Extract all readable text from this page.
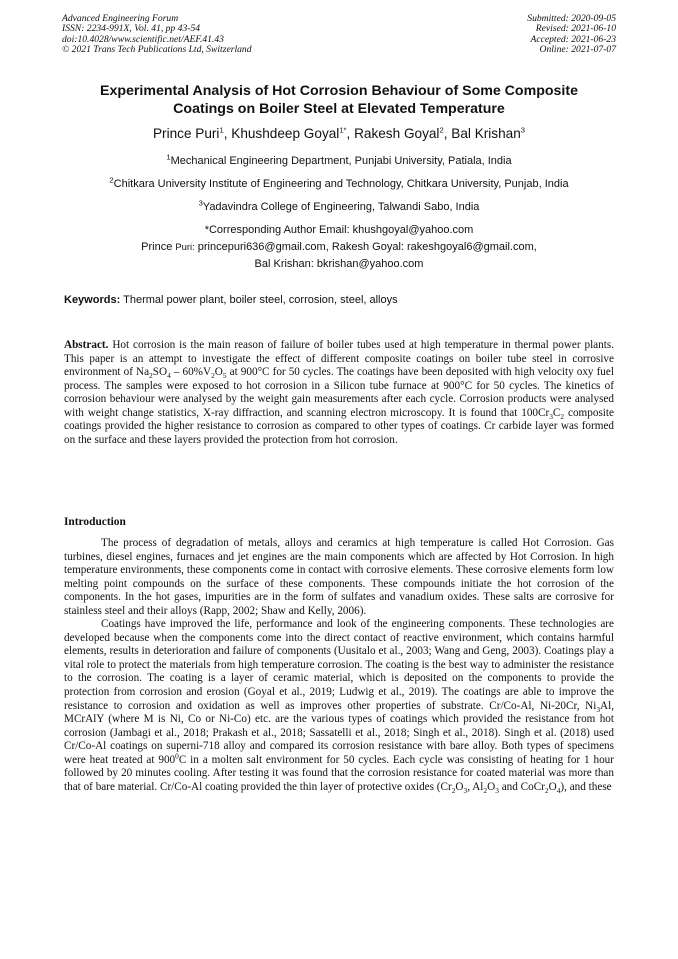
Advanced Engineering Forum
ISSN: 2234-991X, Vol. 41, pp 43-54
doi:10.4028/www.scientific.net/AEF.41.43
© 2021 Trans Tech Publications Ltd, Switzerland
Submitted: 2020-09-05
Revised: 2021-06-10
Accepted: 2021-06-23
Online: 2021-07-07
Experimental Analysis of Hot Corrosion Behaviour of Some Composite
Coatings on Boiler Steel at Elevated Temperature
Prince Puri$^1$, Khushdeep Goyal$^{1*}$, Rakesh Goyal$^2$, Bal Krishan$^3$
$^1$Mechanical Engineering Department, Punjabi University, Patiala, India
$^2$Chitkara University Institute of Engineering and Technology, Chitkara University, Punjab, India
$^3$Yadavindra College of Engineering, Talwandi Sabo, India
*Corresponding Author Email: khushgoyal@yahoo.com
Prince Puri: princepuri636@gmail.com, Rakesh Goyal: rakeshgoyal6@gmail.com,
Bal Krishan: bkrishan@yahoo.com
Keywords: Thermal power plant, boiler steel, corrosion, steel, alloys

Abstract. Hot corrosion is the main reason of failure of boiler tubes used at high temperature in thermal power plants. This paper is an attempt to investigate the effect of different composite coatings on boiler tube steel in corrosive environment of $Na_2SO_4 - 60\%V_2O_5$ at 900°C for 50 cycles. The coatings have been deposited with high velocity oxy fuel process. The samples were exposed to hot corrosion in a Silicon tube furnace at 900°C for 50 cycles. The kinetics of corrosion behaviour were analysed by the weight gain measurements after each cycle. Corrosion products were analysed with weight change statistics, X-ray diffraction, and scanning electron microscopy. It is found that $100Cr_3C_2$ composite coatings provided the higher resistance to corrosion as compared to other types of coatings. Cr carbide layer was formed on the surface and these layers provided the protection from hot corrosion.

Introduction

The process of degradation of metals, alloys and ceramics at high temperature is called Hot Corrosion. Gas turbines, diesel engines, furnaces and jet engines are the main components which are affected by Hot Corrosion. In high temperature environments, these components come in contact with corrosive elements. These corrosive elements form low melting point compounds on the surface of these components. These compounds initiate the hot corrosion of the components. In the hot gases, impurities are in the form of sulfates and vanadium oxides. These salts are corrosive for stainless steel and their alloys (Rapp, 2002; Shaw and Kelly, 2006).

Coatings have improved the life, performance and look of the engineering components. These technologies are developed because when the components come into the direct contact of reactive environment, which contains harmful elements, results in deterioration and failure of components (Uusitalo et al., 2003; Wang and Geng, 2003). Coatings play a vital role to protect the materials from high temperature corrosion. The coating is the best way to administer the resistance to the corrosion. The coating is a layer of ceramic material, which is deposited on the components to provide the protection from corrosion and erosion (Goyal et al., 2019; Ludwig et al., 2019). The coatings are able to improve the resistance to corrosion and oxidation as well as improves other properties of substrate. Cr/Co-Al, Ni-20Cr, $Ni_3Al$, MCrAlY (where M is Ni, Co or Ni-Co) etc. are the various types of coatings which provided the resistance from hot corrosion (Jambagi et al., 2018; Prakash et al., 2018; Sassatelli et al., 2018; Singh et al., 2018). Singh et al. (2018) used Cr/Co-Al coatings on superni-718 alloy and compared its corrosion resistance with bare alloy. Both types of specimens were heat treated at $900^0C$ in a molten salt environment for 50 cycles. Each cycle was consisting of heating for 1 hour followed by 20 minutes cooling. After testing it was found that the corrosion resistance for coated material was more than that of bare material. Cr/Co-Al coating provided the thin layer of protective oxides ($Cr_2O_3$, $Al_2O_3$ and $CoCr_2O_4$), and these
